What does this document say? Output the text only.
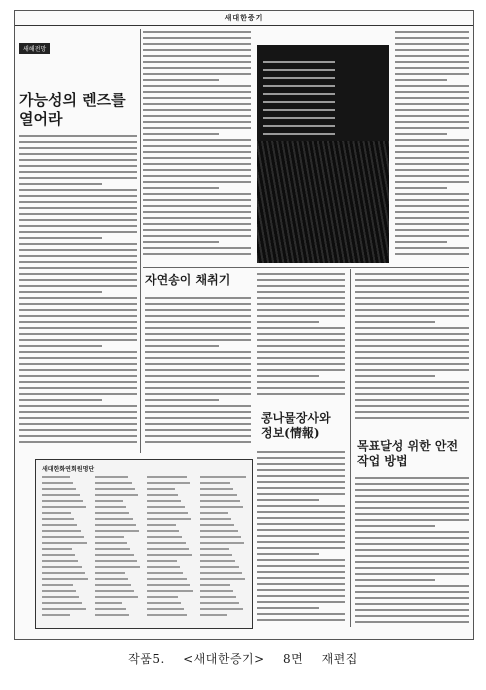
새대한증기
새해전망
가능성의 렌즈를 열어라
자연송이 채취기
콩나물장사와 정보(情報)
목표달성 위한 안전작업 방법
새대한화연회원명단
작품5. <새대한증기> 8면 재편집
